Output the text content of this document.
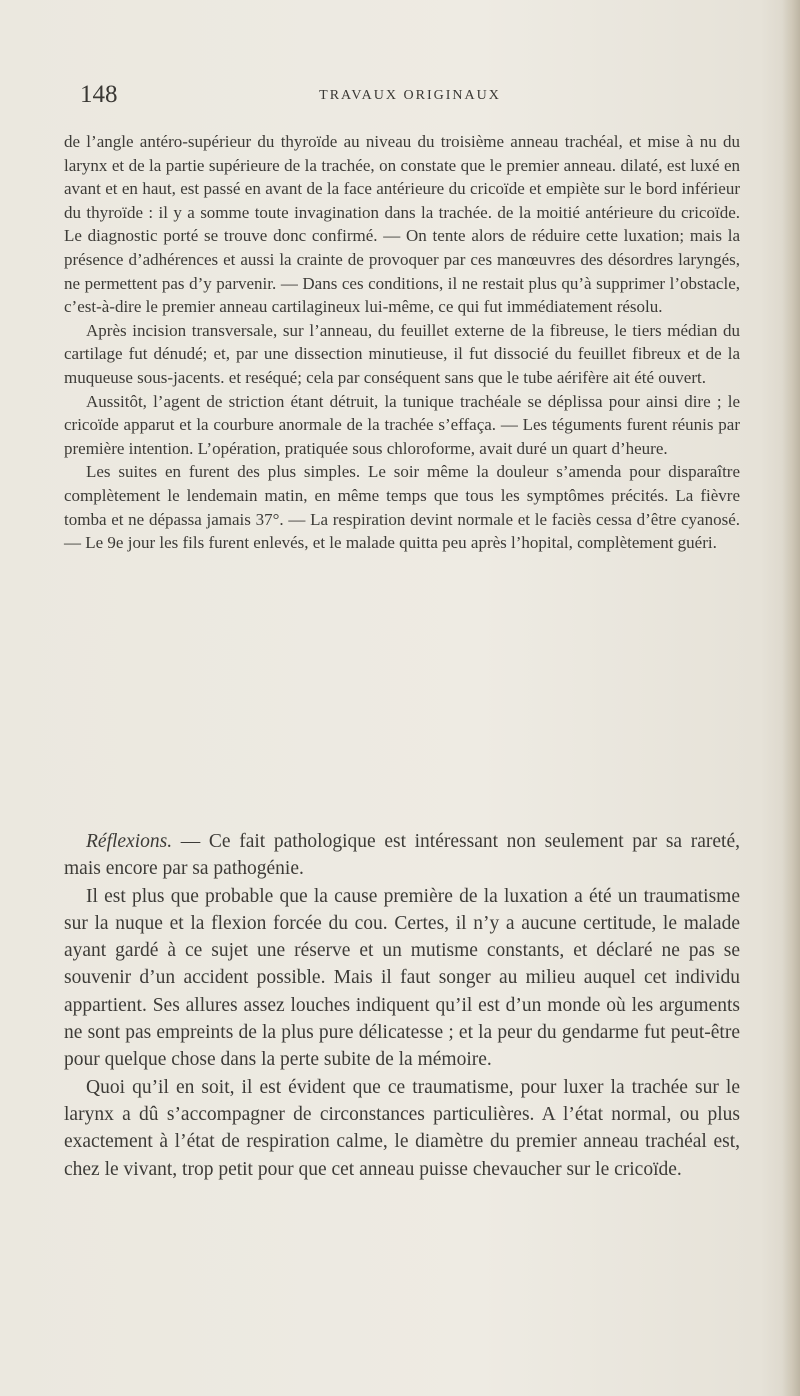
148	TRAVAUX ORIGINAUX

de l’angle antéro-supérieur du thyroïde au niveau du troisième anneau trachéal, et mise à nu du larynx et de la partie supérieure de la trachée, on constate que le premier anneau. dilaté, est luxé en avant et en haut, est passé en avant de la face antérieure du cricoïde et empiète sur le bord inférieur du thyroïde : il y a somme toute invagination dans la trachée. de la moitié antérieure du cricoïde. Le diagnostic porté se trouve donc confirmé. — On tente alors de réduire cette luxation; mais la présence d’adhérences et aussi la crainte de provoquer par ces manœuvres des désordres laryngés, ne permettent pas d’y parvenir. — Dans ces conditions, il ne restait plus qu’à supprimer l’obstacle, c’est-à-dire le premier anneau cartilagineux lui-même, ce qui fut immédiatement résolu.

Après incision transversale, sur l’anneau, du feuillet externe de la fibreuse, le tiers médian du cartilage fut dénudé; et, par une dissection minutieuse, il fut dissocié du feuillet fibreux et de la muqueuse sous-jacents. et reséqué; cela par conséquent sans que le tube aérifère ait été ouvert.

Aussitôt, l’agent de striction étant détruit, la tunique trachéale se déplissa pour ainsi dire ; le cricoïde apparut et la courbure anormale de la trachée s’effaça. — Les téguments furent réunis par première intention. L’opération, pratiquée sous chloroforme, avait duré un quart d’heure.

Les suites en furent des plus simples. Le soir même la douleur s’amenda pour disparaître complètement le lendemain matin, en même temps que tous les symptômes précités. La fièvre tomba et ne dépassa jamais 37°. — La respiration devint normale et le faciès cessa d’être cyanosé. — Le 9e jour les fils furent enlevés, et le malade quitta peu après l’hopital, complètement guéri.

Réflexions. — Ce fait pathologique est intéressant non seulement par sa rareté, mais encore par sa pathogénie.

Il est plus que probable que la cause première de la luxation a été un traumatisme sur la nuque et la flexion forcée du cou. Certes, il n’y a aucune certitude, le malade ayant gardé à ce sujet une réserve et un mutisme constants, et déclaré ne pas se souvenir d’un accident possible. Mais il faut songer au milieu auquel cet individu appartient. Ses allures assez louches indiquent qu’il est d’un monde où les arguments ne sont pas empreints de la plus pure délicatesse ; et la peur du gendarme fut peut-être pour quelque chose dans la perte subite de la mémoire.

Quoi qu’il en soit, il est évident que ce traumatisme, pour luxer la trachée sur le larynx a dû s’accompagner de circonstances particulières. A l’état normal, ou plus exactement à l’état de respiration calme, le diamètre du premier anneau trachéal est, chez le vivant, trop petit pour que cet anneau puisse chevaucher sur le cricoïde.
